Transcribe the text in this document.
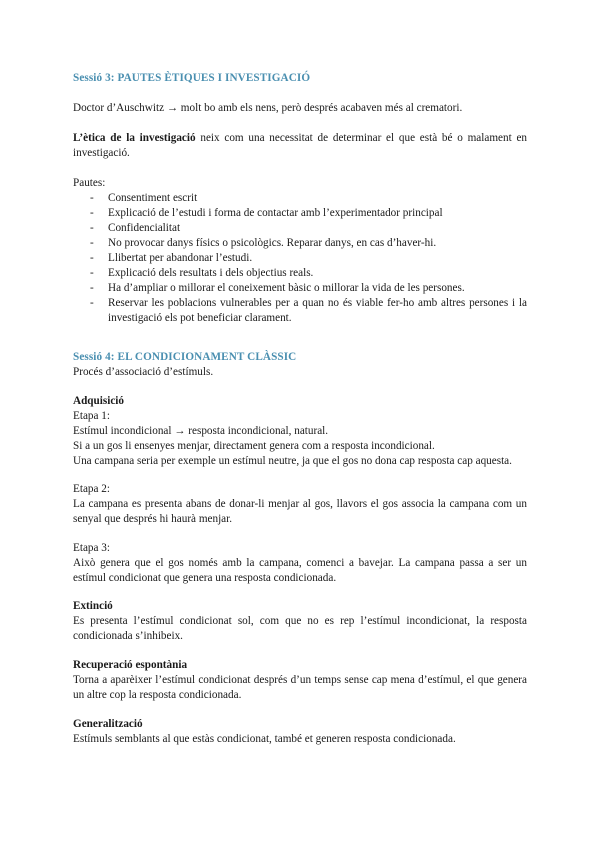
Sessió 3: PAUTES ÈTIQUES I INVESTIGACIÓ
Doctor d’Auschwitz → molt bo amb els nens, però després acabaven més al crematori.
L’ètica de la investigació neix com una necessitat de determinar el que està bé o malament en investigació.
Pautes:
- Consentiment escrit
- Explicació de l’estudi i forma de contactar amb l’experimentador principal
- Confidencialitat
- No provocar danys físics o psicològics. Reparar danys, en cas d’haver-hi.
- Llibertat per abandonar l’estudi.
- Explicació dels resultats i dels objectius reals.
- Ha d’ampliar o millorar el coneixement bàsic o millorar la vida de les persones.
- Reservar les poblacions vulnerables per a quan no és viable fer-ho amb altres persones i la investigació els pot beneficiar clarament.
Sessió 4: EL CONDICIONAMENT CLÀSSIC
Procés d’associació d’estímuls.
Adquisició
Etapa 1:
Estímul incondicional → resposta incondicional, natural.
Si a un gos li ensenyes menjar, directament genera com a resposta incondicional.
Una campana seria per exemple un estímul neutre, ja que el gos no dona cap resposta cap aquesta.
Etapa 2:
La campana es presenta abans de donar-li menjar al gos, llavors el gos associa la campana com un senyal que després hi haurà menjar.
Etapa 3:
Això genera que el gos només amb la campana, comenci a bavejar. La campana passa a ser un estímul condicionat que genera una resposta condicionada.
Extinció
Es presenta l’estímul condicionat sol, com que no es rep l’estímul incondicionat, la resposta condicionada s’inhibeix.
Recuperació espontània
Torna a aparèixer l’estímul condicionat després d’un temps sense cap mena d’estímul, el que genera un altre cop la resposta condicionada.
Generalització
Estímuls semblants al que estàs condicionat, també et generen resposta condicionada.
